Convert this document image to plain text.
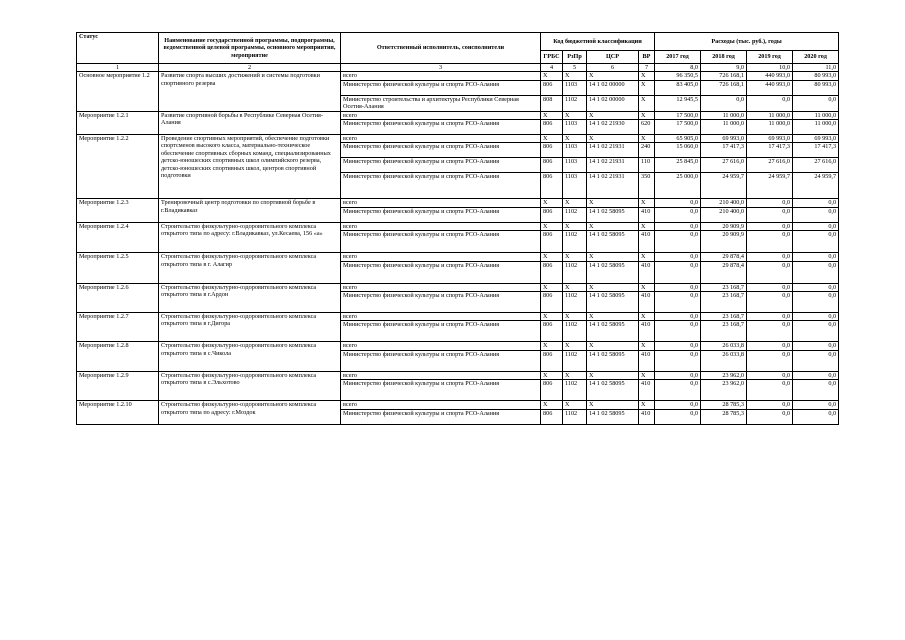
Статус	Наименование государственной программы, подпрограммы, ведомственной целевой программы, основного мероприятия, мероприятие	Ответственный исполнитель, соисполнители	Код бюджетной классификации				Расходы (тыс. руб.), годы			
			ГРБС	РзПр	ЦСР	ВР	2017 год	2018 год	2019 год	2020 год
1	2	3	4	5	6	7	8,0	9,0	10,0	11,0
Основное мероприятие 1.2	Развитие спорта высших достижений и системы подготовки спортивного резерва	всего	X	X	X	X	96 350,5	726 168,1	440 993,0	80 993,0
		Министерство физической культуры и спорта РСО-Алания	806	1103	14 1 02 00000	X	83 405,0	726 168,1	440 993,0	80 993,0
		Министерство строительства и архитектуры Республики Северная Осетия-Алания	808	1102	14 1 02 00000	X	12 945,5	0,0	0,0	0,0
Мероприятие 1.2.1	Развитие спортивной борьбы в Республике Северная Осетия-Алания	всего	X	X	X	X	17 500,0	11 000,0	11 000,0	11 000,0
		Министерство физической культуры и спорта РСО-Алания	806	1103	14 1 02 21930	620	17 500,0	11 000,0	11 000,0	11 000,0
Мероприятие 1.2.2	Проведение спортивных мероприятий, обеспечение подготовки спортсменов высокого класса, материально-техническое обеспечение спортивных сборных команд, специализированных детско-юношеских спортивных школ олимпийского резерва, детско-юношеских спортивных школ, центров спортивной подготовки	всего	X	X	X	X	65 905,0	69 993,0	69 993,0	69 993,0
		Министерство физической культуры и спорта РСО-Алания	806	1103	14 1 02 21931	240	15 060,0	17 417,3	17 417,3	17 417,3
		Министерство физической культуры и спорта РСО-Алания	806	1103	14 1 02 21931	110	25 845,0	27 616,0	27 616,0	27 616,0
		Министерство физической культуры и спорта РСО-Алания	806	1103	14 1 02 21931	350	25 000,0	24 959,7	24 959,7	24 959,7
Мероприятие 1.2.3	Тренировочный центр подготовки по спортивной борьбе в г.Владикавказ	всего	X	X	X	X	0,0	210 400,0	0,0	0,0
		Министерство физической культуры и спорта РСО-Алания	806	1102	14 1 02 58095	410	0,0	210 400,0	0,0	0,0
Мероприятие 1.2.4	Строительство физкультурно-оздоровительного комплекса открытого типа по адресу: г.Владикавказ, ул.Кесаева, 156 «а»	всего	X	X	X	X	0,0	20 909,9	0,0	0,0
		Министерство физической культуры и спорта РСО-Алания	806	1102	14 1 02 58095	410	0,0	20 909,9	0,0	0,0
Мероприятие 1.2.5	Строительство физкультурно-оздоровительного комплекса открытого типа в г. Алагир	всего	X	X	X	X	0,0	29 878,4	0,0	0,0
		Министерство физической культуры и спорта РСО-Алания	806	1102	14 1 02 58095	410	0,0	29 878,4	0,0	0,0
Мероприятие 1.2.6	Строительство физкультурно-оздоровительного комплекса открытого типа в г.Ардон	всего	X	X	X	X	0,0	23 168,7	0,0	0,0
		Министерство физической культуры и спорта РСО-Алания	806	1102	14 1 02 58095	410	0,0	23 168,7	0,0	0,0
Мероприятие 1.2.7	Строительство физкультурно-оздоровительного комплекса открытого типа в г.Дигора	всего	X	X	X	X	0,0	23 168,7	0,0	0,0
		Министерство физической культуры и спорта РСО-Алания	806	1102	14 1 02 58095	410	0,0	23 168,7	0,0	0,0
Мероприятие 1.2.8	Строительство физкультурно-оздоровительного комплекса открытого типа в с.Чикола	всего	X	X	X	X	0,0	26 033,8	0,0	0,0
		Министерство физической культуры и спорта РСО-Алания	806	1102	14 1 02 58095	410	0,0	26 033,8	0,0	0,0
Мероприятие 1.2.9	Строительство физкультурно-оздоровительного комплекса открытого типа в с.Эльхотово	всего	X	X	X	X	0,0	23 962,0	0,0	0,0
		Министерство физической культуры и спорта РСО-Алания	806	1102	14 1 02 58095	410	0,0	23 962,0	0,0	0,0
Мероприятие 1.2.10	Строительство физкультурно-оздоровительного комплекса открытого типа по адресу: г.Моздок	всего	X	X	X	X	0,0	28 785,3	0,0	0,0
		Министерство физической культуры и спорта РСО-Алания	806	1102	14 1 02 58095	410	0,0	28 785,3	0,0	0,0
